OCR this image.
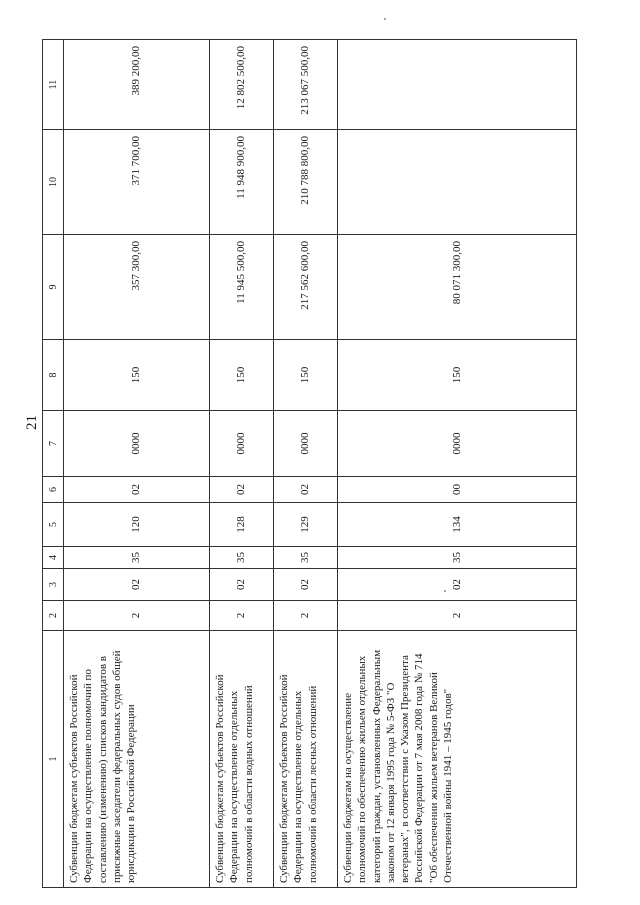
21
1	2	3	4	5	6	7	8	9	10	11
Субвенции бюджетам субъектов Российской Федерации на осуществление полномочий по составлению (изменению) списков кандидатов в присяжные заседатели федеральных судов общей юрисдикции в Российской Федерации	2	02	35	120	02	0000	150	357 300,00	371 700,00	389 200,00
Субвенции бюджетам субъектов Российской Федерации на осуществление отдельных полномочий в области водных отношений	2	02	35	128	02	0000	150	11 945 500,00	11 948 900,00	12 802 500,00
Субвенции бюджетам субъектов Российской Федерации на осуществление отдельных полномочий в области лесных отношений	2	02	35	129	02	0000	150	217 562 600,00	210 788 800,00	213 067 500,00
Субвенции бюджетам на осуществление полномочий по обеспечению жильем отдельных категорий граждан, установленных Федеральным законом от 12 января 1995 года № 5-ФЗ "О ветеранах", в соответствии с Указом Президента Российской Федерации от 7 мая 2008 года № 714 "Об обеспечении жильем ветеранов Великой Отечественной войны 1941 – 1945 годов"	2	02	35	134	00	0000	150	80 071 300,00		
